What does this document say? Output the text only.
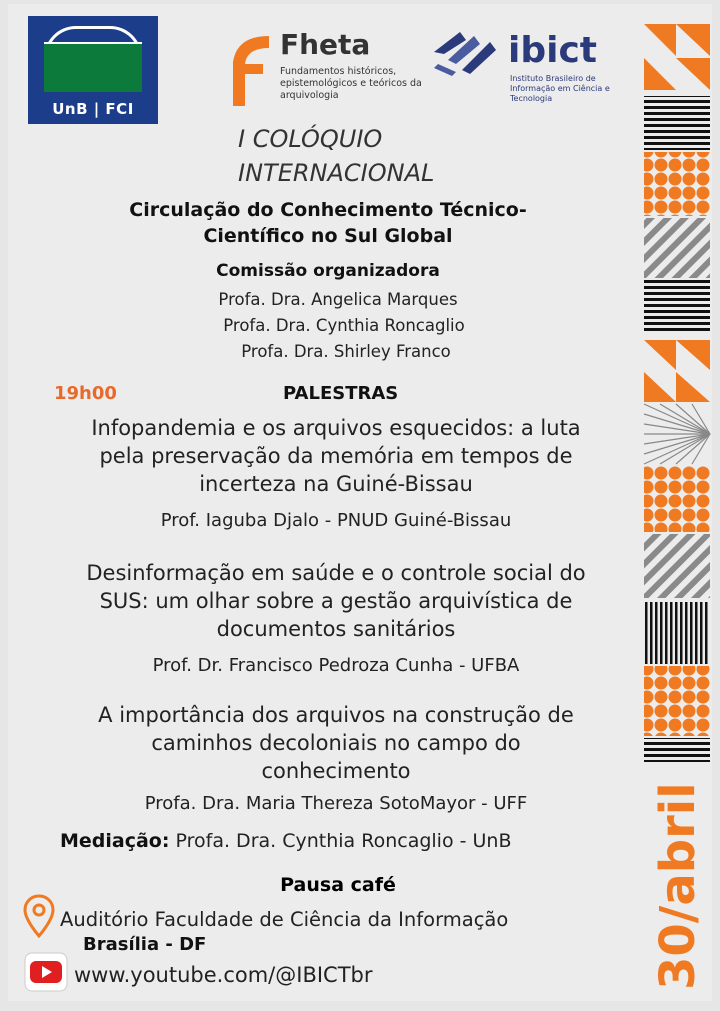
UnB | FCI
Fheta
Fundamentos históricos, epistemológicos e teóricos da arquivologia
ibict
Instituto Brasileiro de Informação em Ciência e Tecnologia
I COLÓQUIO
INTERNACIONAL
Circulação do Conhecimento Técnico-
Científico no Sul Global
Comissão organizadora
Profa. Dra. Angelica Marques
Profa. Dra. Cynthia Roncaglio
Profa. Dra. Shirley Franco
19h00	PALESTRAS
Infopandemia e os arquivos esquecidos: a luta
pela preservação da memória em tempos de
incerteza na Guiné-Bissau
Prof. Iaguba Djalo - PNUD Guiné-Bissau
Desinformação em saúde e o controle social do
SUS: um olhar sobre a gestão arquivística de
documentos sanitários
Prof. Dr. Francisco Pedroza Cunha - UFBA
A importância dos arquivos na construção de
caminhos decoloniais no campo do
conhecimento
Profa. Dra. Maria Thereza SotoMayor - UFF
Mediação: Profa. Dra. Cynthia Roncaglio - UnB
Pausa café
Auditório Faculdade de Ciência da Informação
Brasília - DF
www.youtube.com/@IBICTbr	30/abril
